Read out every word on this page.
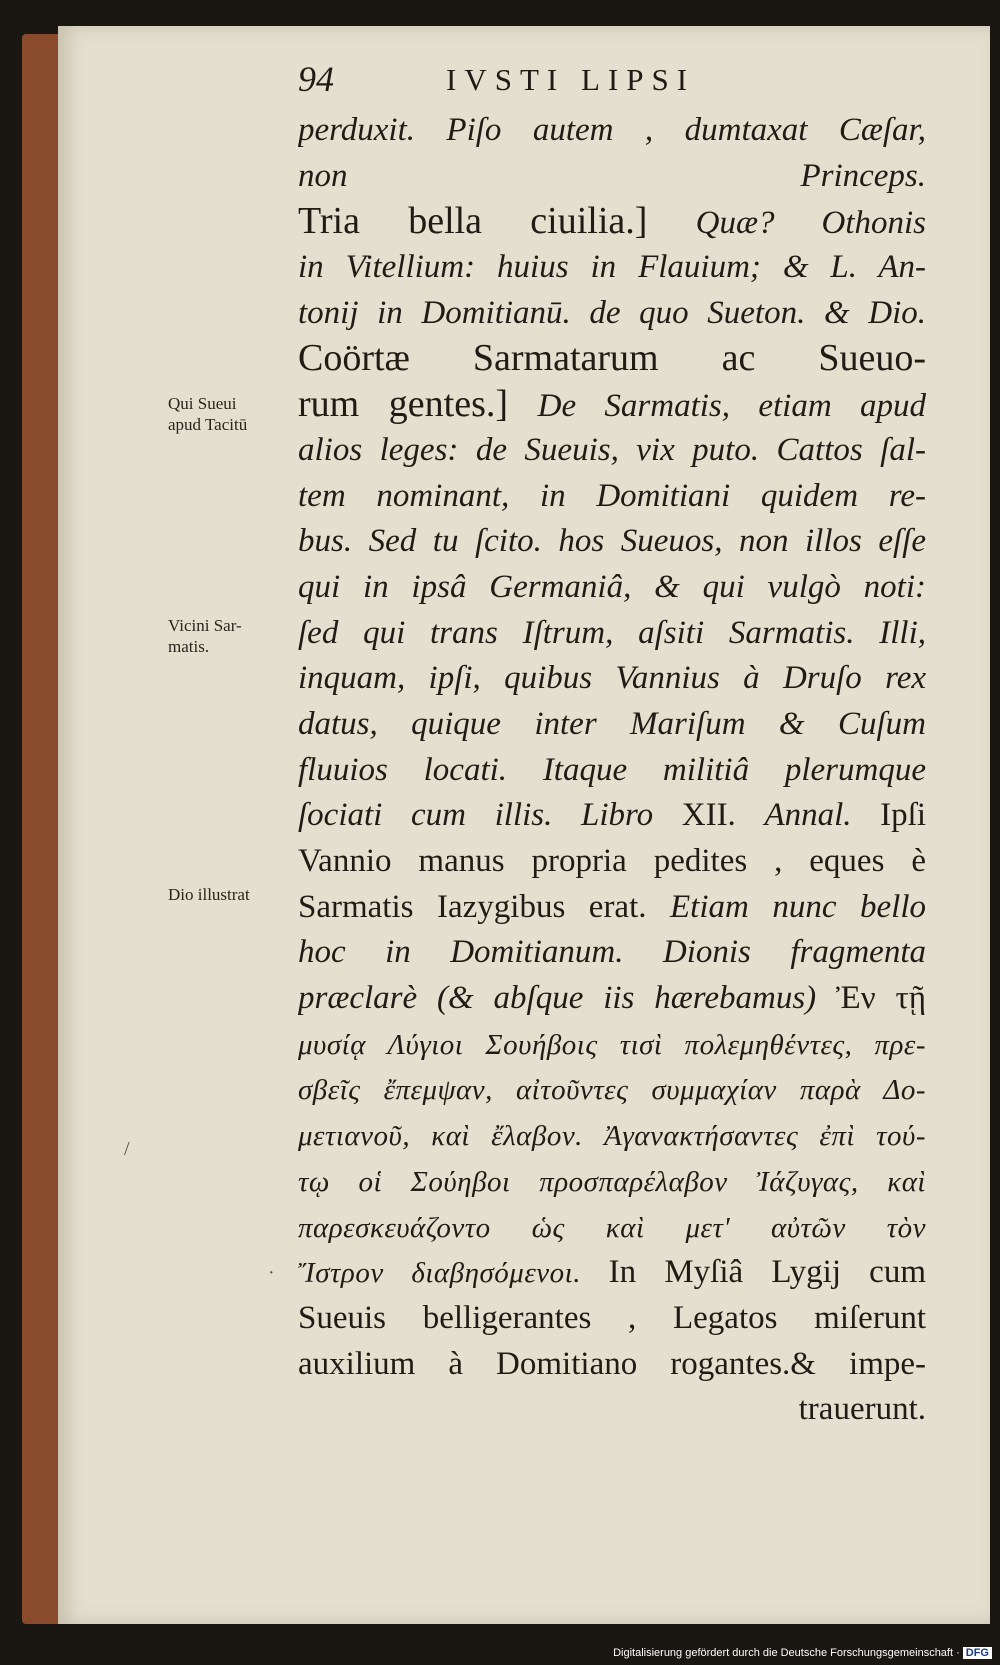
94	IVSTI LIPSI
Qui Sueui
apud Tacitū
Vicini Sar-
matis.
Dio illustrat
/
·
perduxit. Piſo autem , dumtaxat Cæſar,
non Princeps.
Tria bella ciuilia.] Quæ? Othonis
in Vitellium: huius in Flauium; & L. An-
tonij in Domitianū. de quo Sueton. & Dio.
Coörtæ Sarmatarum ac Sueuo-
rum gentes.] De Sarmatis, etiam apud
alios leges: de Sueuis, vix puto. Cattos ſal-
tem nominant, in Domitiani quidem re-
bus. Sed tu ſcito. hos Sueuos, non illos eſſe
qui in ipsâ Germaniâ, & qui vulgò noti:
ſed qui trans Iſtrum, aſsiti Sarmatis. Illi,
inquam, ipſi, quibus Vannius à Druſo rex
datus, quique inter Mariſum & Cuſum
fluuios locati. Itaque militiâ plerumque
ſociati cum illis. Libro XII. Annal. Ipſi
Vannio manus propria pedites , eques è
Sarmatis Iazygibus erat. Etiam nunc bello
hoc in Domitianum. Dionis fragmenta
præclarè (& abſque iis hærebamus) Ἐν τῇ
μυσίᾳ Λύγιοι Σουήβοις τισὶ πολεμηθέντες, πρε-
σβεῖς ἔπεμψαν, αἰτοῦντες συμμαχίαν παρὰ Δο-
μετιανοῦ, καὶ ἔλαβον. Ἀγανακτήσαντες ἐπὶ τού-
τῳ οἱ Σούηβοι προσπαρέλαβον Ἰάζυγας, καὶ
παρεσκευάζοντο ὡς καὶ μετ' αὐτῶν τὸν
Ἴστρον διαβησόμενοι. In Myſiâ Lygij cum
Sueuis belligerantes , Legatos miſerunt
auxilium à Domitiano rogantes.& impe-
trauerunt.
Digitalisierung gefördert durch die Deutsche Forschungsgemeinschaft · DFG
